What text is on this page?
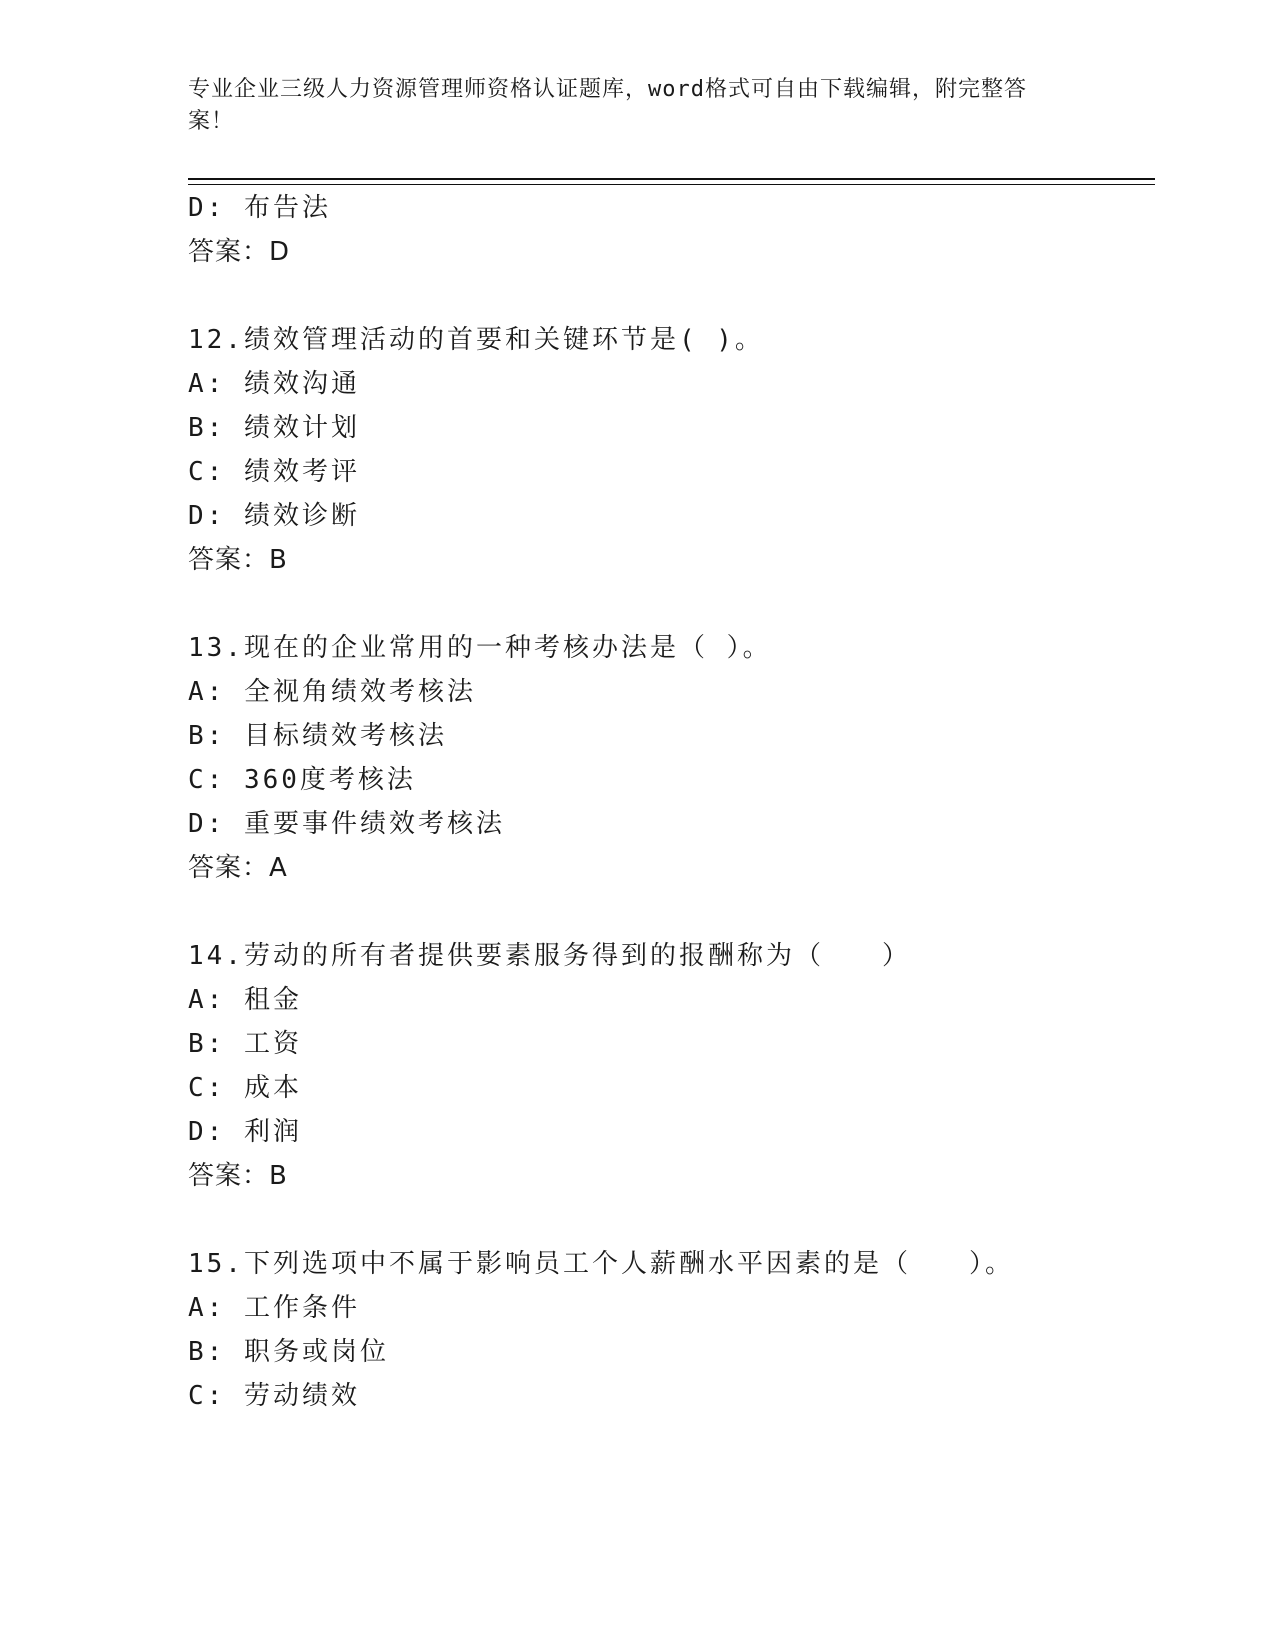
专业企业三级人力资源管理师资格认证题库，word格式可自由下载编辑，附完整答案！
D: 布告法
答案：D
12.绩效管理活动的首要和关键环节是( )。
A: 绩效沟通
B: 绩效计划
C: 绩效考评
D: 绩效诊断
答案：B
13.现在的企业常用的一种考核办法是（ ）。
A: 全视角绩效考核法
B: 目标绩效考核法
C: 360度考核法
D: 重要事件绩效考核法
答案：A
14.劳动的所有者提供要素服务得到的报酬称为（　　）
A: 租金
B: 工资
C: 成本
D: 利润
答案：B
15.下列选项中不属于影响员工个人薪酬水平因素的是（　　）。
A: 工作条件
B: 职务或岗位
C: 劳动绩效
